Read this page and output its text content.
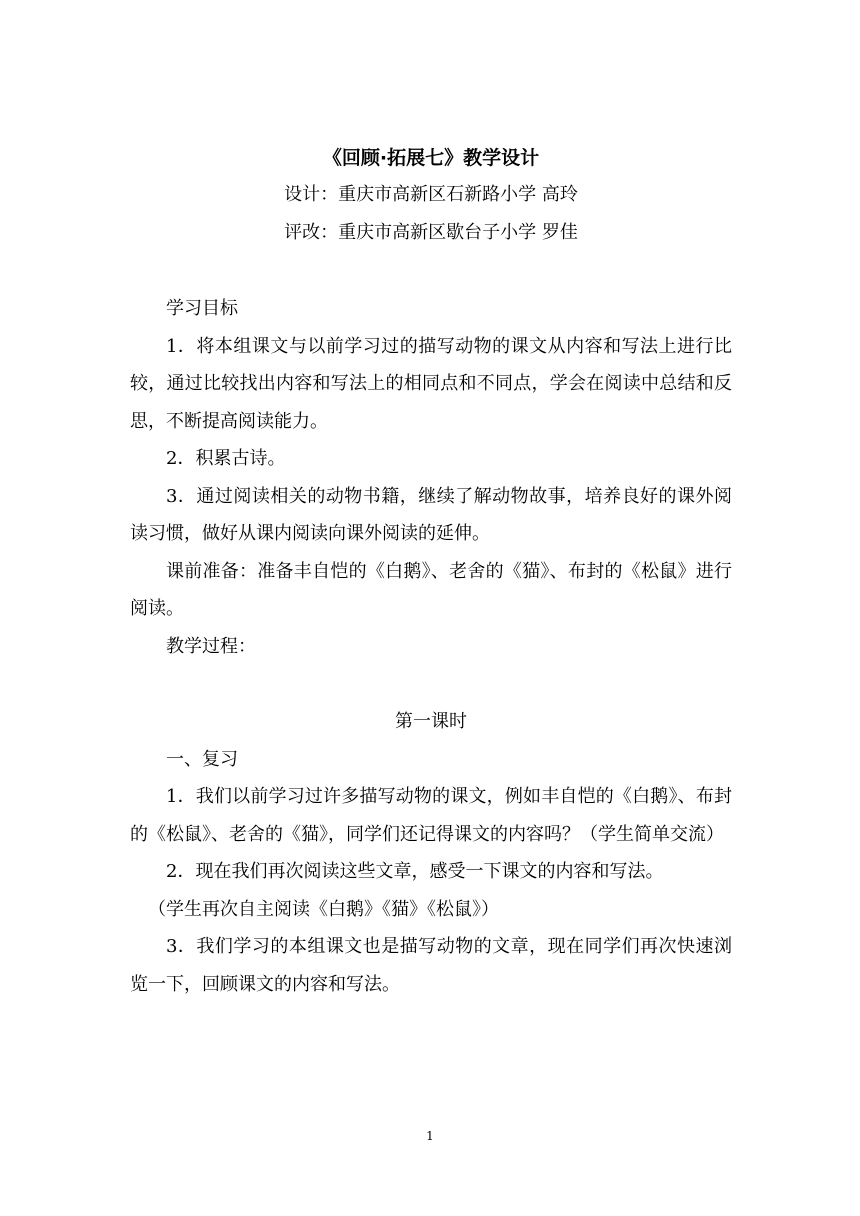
《回顾·拓展七》教学设计

设计：重庆市高新区石新路小学 高玲

评改：重庆市高新区歇台子小学 罗佳

学习目标

1．将本组课文与以前学习过的描写动物的课文从内容和写法上进行比较，通过比较找出内容和写法上的相同点和不同点，学会在阅读中总结和反思，不断提高阅读能力。

2．积累古诗。

3．通过阅读相关的动物书籍，继续了解动物故事，培养良好的课外阅读习惯，做好从课内阅读向课外阅读的延伸。

课前准备：准备丰自恺的《白鹅》、老舍的《猫》、布封的《松鼠》进行阅读。

教学过程：

第一课时

一、复习

1．我们以前学习过许多描写动物的课文，例如丰自恺的《白鹅》、布封的《松鼠》、老舍的《猫》，同学们还记得课文的内容吗？（学生简单交流）

2．现在我们再次阅读这些文章，感受一下课文的内容和写法。

（学生再次自主阅读《白鹅》《猫》《松鼠》）

3．我们学习的本组课文也是描写动物的文章，现在同学们再次快速浏览一下，回顾课文的内容和写法。

1
